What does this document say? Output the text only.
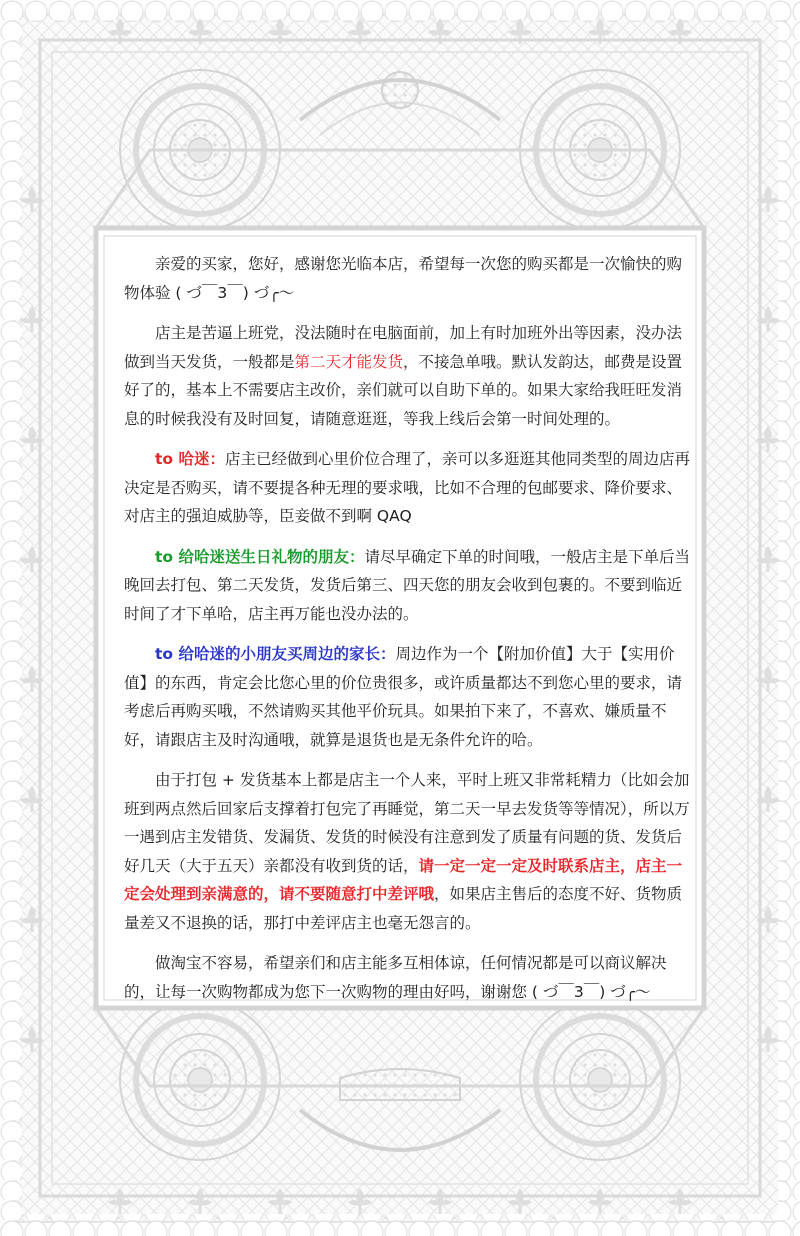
亲爱的买家，您好，感谢您光临本店，希望每一次您的购买都是一次愉快的购物体验 ( づ￣3￣) づ╭～

店主是苦逼上班党，没法随时在电脑面前，加上有时加班外出等因素，没办法做到当天发货，一般都是第二天才能发货，不接急单哦。默认发韵达，邮费是设置好了的，基本上不需要店主改价，亲们就可以自助下单的。如果大家给我旺旺发消息的时候我没有及时回复，请随意逛逛，等我上线后会第一时间处理的。

to 哈迷：店主已经做到心里价位合理了，亲可以多逛逛其他同类型的周边店再决定是否购买，请不要提各种无理的要求哦，比如不合理的包邮要求、降价要求、对店主的强迫威胁等，臣妾做不到啊 QAQ

to 给哈迷送生日礼物的朋友：请尽早确定下单的时间哦，一般店主是下单后当晚回去打包、第二天发货，发货后第三、四天您的朋友会收到包裹的。不要到临近时间了才下单哈，店主再万能也没办法的。

to 给哈迷的小朋友买周边的家长：周边作为一个【附加价值】大于【实用价值】的东西，肯定会比您心里的价位贵很多，或许质量都达不到您心里的要求，请考虑后再购买哦，不然请购买其他平价玩具。如果拍下来了，不喜欢、嫌质量不好，请跟店主及时沟通哦，就算是退货也是无条件允许的哈。

由于打包 + 发货基本上都是店主一个人来，平时上班又非常耗精力（比如会加班到两点然后回家后支撑着打包完了再睡觉，第二天一早去发货等等情况），所以万一遇到店主发错货、发漏货、发货的时候没有注意到发了质量有问题的货、发货后好几天（大于五天）亲都没有收到货的话，请一定一定一定及时联系店主，店主一定会处理到亲满意的，请不要随意打中差评哦，如果店主售后的态度不好、货物质量差又不退换的话，那打中差评店主也毫无怨言的。

做淘宝不容易，希望亲们和店主能多互相体谅，任何情况都是可以商议解决的，让每一次购物都成为您下一次购物的理由好吗，谢谢您 ( づ￣3￣) づ╭～
